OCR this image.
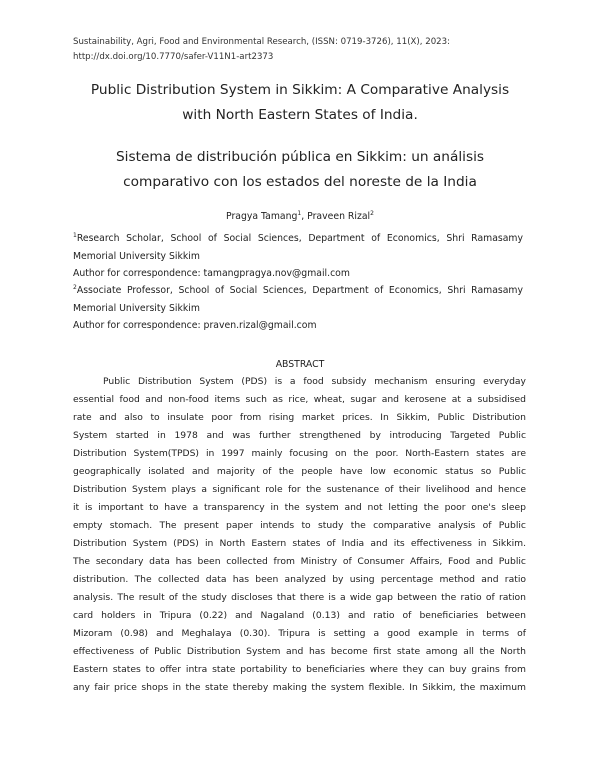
Sustainability, Agri, Food and Environmental Research, (ISSN: 0719-3726), 11(X), 2023:
http://dx.doi.org/10.7770/safer-V11N1-art2373
Public Distribution System in Sikkim: A Comparative Analysis
with North Eastern States of India.
Sistema de distribución pública en Sikkim: un análisis
comparativo con los estados del noreste de la India
Pragya Tamang$^1$, Praveen Rizal$^2$

$^1$Research Scholar, School of Social Sciences, Department of Economics, Shri Ramasamy

Memorial University Sikkim

Author for correspondence: tamangpragya.nov@gmail.com

$^2$Associate Professor, School of Social Sciences, Department of Economics, Shri Ramasamy

Memorial University Sikkim

Author for correspondence: praven.rizal@gmail.com

ABSTRACT
Public Distribution System (PDS) is a food subsidy mechanism ensuring everyday
essential food and non-food items such as rice, wheat, sugar and kerosene at a subsidised
rate and also to insulate poor from rising market prices. In Sikkim, Public Distribution
System started in 1978 and was further strengthened by introducing Targeted Public
Distribution System(TPDS) in 1997 mainly focusing on the poor. North-Eastern states are
geographically isolated and majority of the people have low economic status so Public
Distribution System plays a significant role for the sustenance of their livelihood and hence
it is important to have a transparency in the system and not letting the poor one's sleep
empty stomach. The present paper intends to study the comparative analysis of Public
Distribution System (PDS) in North Eastern states of India and its effectiveness in Sikkim.
The secondary data has been collected from Ministry of Consumer Affairs, Food and Public
distribution. The collected data has been analyzed by using percentage method and ratio
analysis. The result of the study discloses that there is a wide gap between the ratio of ration
card holders in Tripura (0.22) and Nagaland (0.13) and ratio of beneficiaries between
Mizoram (0.98) and Meghalaya (0.30). Tripura is setting a good example in terms of
effectiveness of Public Distribution System and has become first state among all the North
Eastern states to offer intra state portability to beneficiaries where they can buy grains from
any fair price shops in the state thereby making the system flexible. In Sikkim, the maximum
